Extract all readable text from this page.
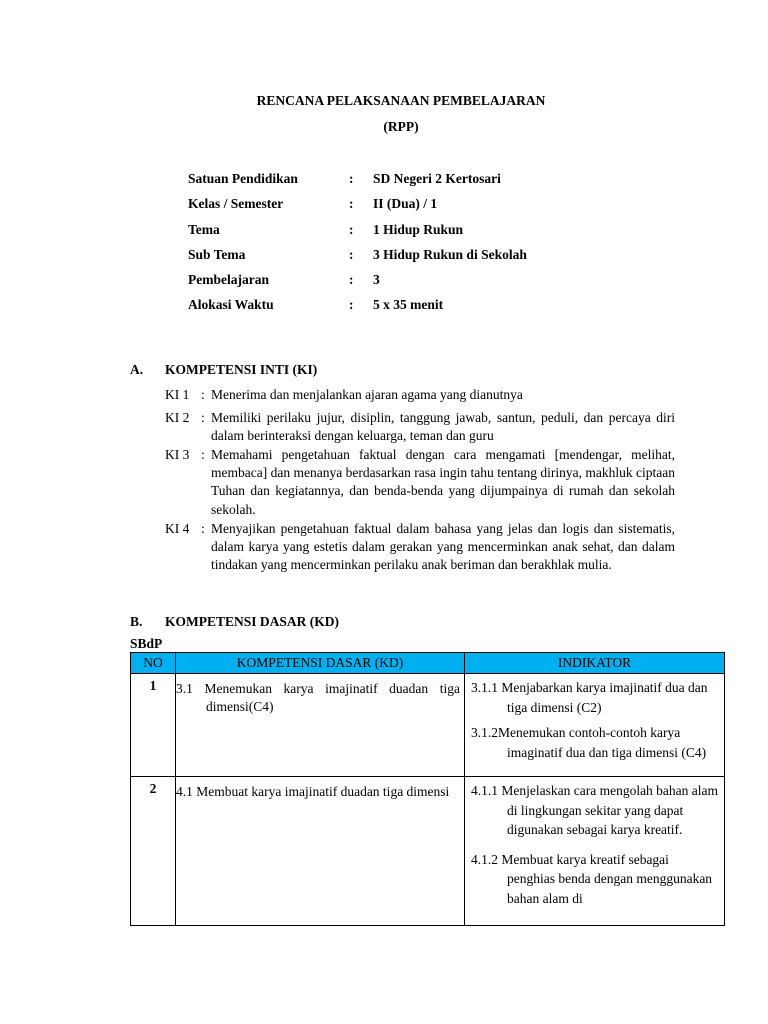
RENCANA PELAKSANAAN PEMBELAJARAN
(RPP)
Satuan Pendidikan	: SD Negeri 2 Kertosari
Kelas / Semester	: II (Dua) / 1
Tema	: 1 Hidup Rukun
Sub Tema	: 3 Hidup Rukun di Sekolah
Pembelajaran	: 3
Alokasi Waktu	: 5 x 35 menit
A. KOMPETENSI INTI (KI)
KI 1 : Menerima dan menjalankan ajaran agama yang dianutnya
KI 2 : Memiliki perilaku jujur, disiplin, tanggung jawab, santun, peduli, dan percaya diri dalam berinteraksi dengan keluarga, teman dan guru
KI 3 : Memahami pengetahuan faktual dengan cara mengamati [mendengar, melihat, membaca] dan menanya berdasarkan rasa ingin tahu tentang dirinya, makhluk ciptaan Tuhan dan kegiatannya, dan benda-benda yang dijumpainya di rumah dan sekolah sekolah.
KI 4 : Menyajikan pengetahuan faktual dalam bahasa yang jelas dan logis dan sistematis, dalam karya yang estetis dalam gerakan yang mencerminkan anak sehat, dan dalam tindakan yang mencerminkan perilaku anak beriman dan berakhlak mulia.
B. KOMPETENSI DASAR (KD)
SBdP
NO	KOMPETENSI DASAR (KD)	INDIKATOR
1	3.1 Menemukan karya imajinatif duadan tiga dimensi(C4)	3.1.1 Menjabarkan karya imajinatif dua dan tiga dimensi (C2)
3.1.2Menemukan contoh-contoh karya imaginatif dua dan tiga dimensi (C4)

2	4.1 Membuat karya imajinatif duadan tiga dimensi	4.1.1 Menjelaskan cara mengolah bahan alam di lingkungan sekitar yang dapat digunakan sebagai karya kreatif.
4.1.2 Membuat karya kreatif sebagai penghias benda dengan menggunakan bahan alam di
